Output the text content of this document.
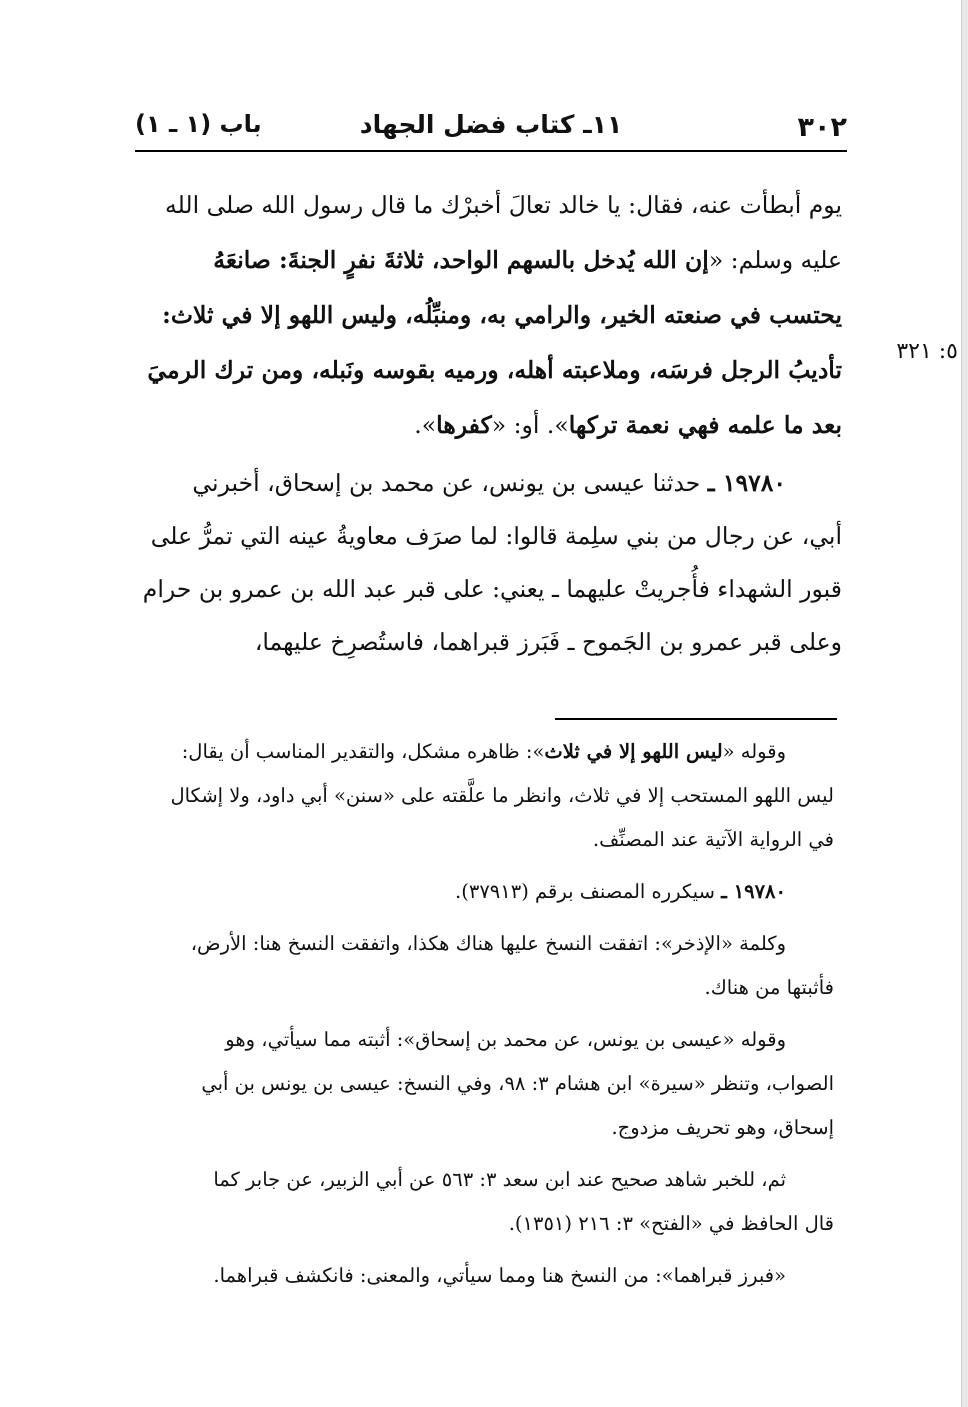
٣٠٢
١١ـ كتاب فضل الجهاد
باب (١ ـ ١)
٥: ٣٢١
يوم أبطأت عنه، فقال: يا خالد تعالَ أخبرْك ما قال رسول الله صلى الله
عليه وسلم: «إن الله يُدخل بالسهم الواحد، ثلاثةَ نفرٍ الجنةَ: صانعَهُ
يحتسب في صنعته الخير، والرامي به، ومنبِّلُه، وليس اللهو إلا في ثلاث:
تأديبُ الرجل فرسَه، وملاعبته أهله، ورميه بقوسه ونَبله، ومن ترك الرميَ
بعد ما علمه فهي نعمة تركها». أو: «كفرها».
١٩٧٨٠ ـ حدثنا عيسى بن يونس، عن محمد بن إسحاق، أخبرني
أبي، عن رجال من بني سلِمة قالوا: لما صرَف معاويةُ عينه التي تمرُّ على
قبور الشهداء فأُجريتْ عليهما ـ يعني: على قبر عبد الله بن عمرو بن حرام
وعلى قبر عمرو بن الجَموح ـ فَبَرز قبراهما، فاستُصرِخ عليهما،
وقوله «ليس اللهو إلا في ثلاث»: ظاهره مشكل، والتقدير المناسب أن يقال:
ليس اللهو المستحب إلا في ثلاث، وانظر ما علَّقته على «سنن» أبي داود، ولا إشكال
في الرواية الآتية عند المصنِّف.
١٩٧٨٠ ـ سيكرره المصنف برقم (٣٧٩١٣).
وكلمة «الإذخر»: اتفقت النسخ عليها هناك هكذا، واتفقت النسخ هنا: الأرض،
فأثبتها من هناك.
وقوله «عيسى بن يونس، عن محمد بن إسحاق»: أثبته مما سيأتي، وهو
الصواب، وتنظر «سيرة» ابن هشام ٣: ٩٨، وفي النسخ: عيسى بن يونس بن أبي
إسحاق، وهو تحريف مزدوج.
ثم، للخبر شاهد صحيح عند ابن سعد ٣: ٥٦٣ عن أبي الزبير، عن جابر كما
قال الحافظ في «الفتح» ٣: ٢١٦ (١٣٥١).
«فبرز قبراهما»: من النسخ هنا ومما سيأتي، والمعنى: فانكشف قبراهما.
